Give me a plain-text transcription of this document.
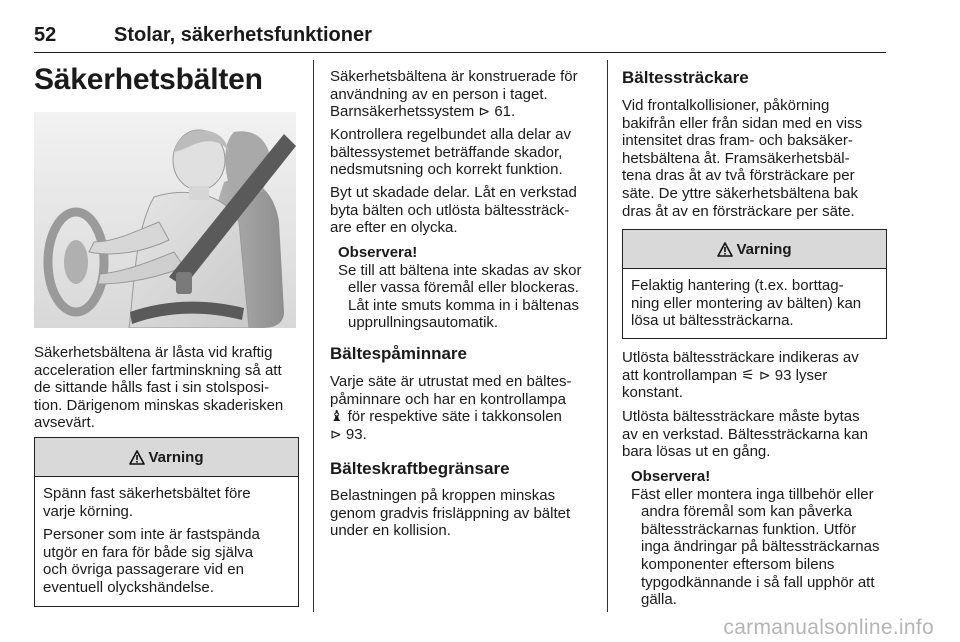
52	Stolar, säkerhetsfunktioner
Säkerhetsbälten
Säkerhetsbältena är låsta vid kraftig
acceleration eller fartminskning så att
de sittande hålls fast i sin stolsposi-
tion. Därigenom minskas skaderisken
avsevärt.
Varning

Spänn fast säkerhetsbältet före
varje körning.

Personer som inte är fastspända
utgör en fara för både sig själva
och övriga passagerare vid en
eventuell olyckshändelse.

Säkerhetsbältena är konstruerade för
användning av en person i taget.
Barnsäkerhetssystem ⊳ 61.
Kontrollera regelbundet alla delar av
bältessystemet beträffande skador,
nedsmutsning och korrekt funktion.
Byt ut skadade delar. Låt en verkstad
byta bälten och utlösta bältessträck-
are efter en olycka.
Observera!
Se till att bältena inte skadas av skor
eller vassa föremål eller blockeras.
Låt inte smuts komma in i bältenas
upprullningsautomatik.
Bältespåminnare
Varje säte är utrustat med en bältes-
påminnare och har en kontrollampa
♝ för respektive säte i takkonsolen
⊳ 93.
Bälteskraftbegränsare
Belastningen på kroppen minskas
genom gradvis frisläppning av bältet
under en kollision.
Bältessträckare
Vid frontalkollisioner, påkörning
bakifrån eller från sidan med en viss
intensitet dras fram- och baksäker-
hetsbältena åt. Framsäkerhetsbäl-
tena dras åt av två försträckare per
säte. De yttre säkerhetsbältena bak
dras åt av en försträckare per säte.
Varning
Felaktig hantering (t.ex. borttag-
ning eller montering av bälten) kan
lösa ut bältessträckarna.
Utlösta bältessträckare indikeras av
att kontrollampan ⚟ ⊳ 93 lyser
konstant.
Utlösta bältessträckare måste bytas
av en verkstad. Bältessträckarna kan
bara lösas ut en gång.
Observera!
Fäst eller montera inga tillbehör eller
andra föremål som kan påverka
bältessträckarnas funktion. Utför
inga ändringar på bältessträckarnas
komponenter eftersom bilens
typgodkännande i så fall upphör att
gälla.
carmanualsonline.info
